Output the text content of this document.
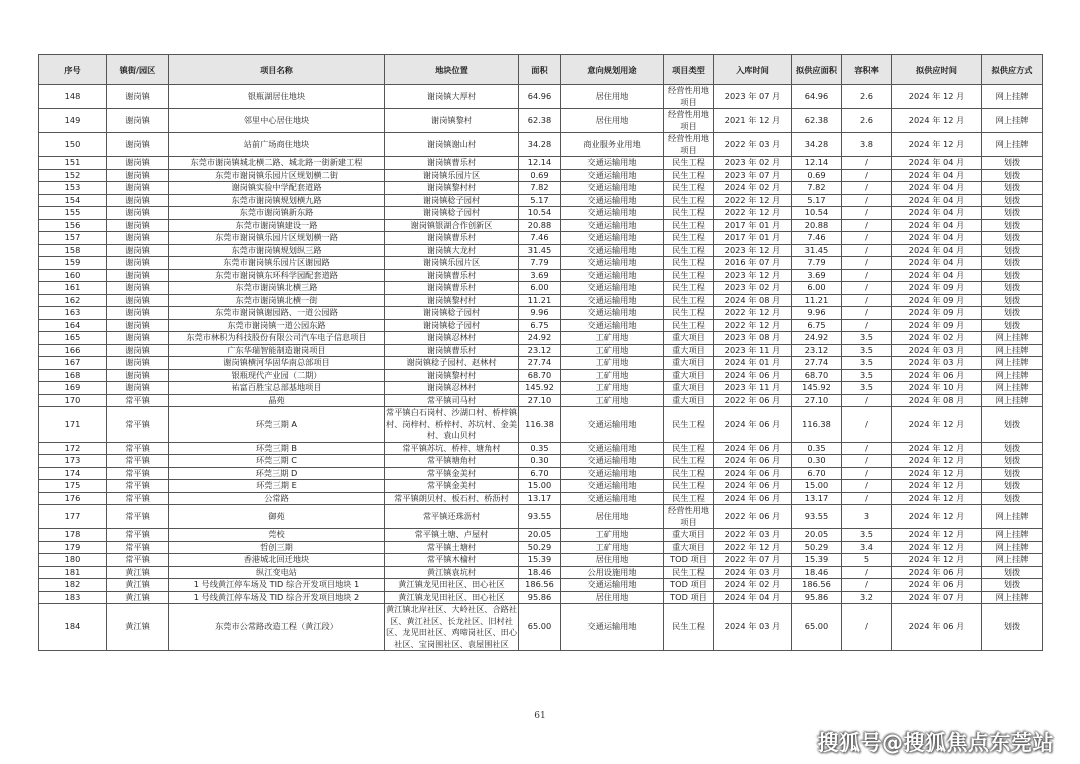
序号	镇街/园区	项目名称	地块位置	面积	意向规划用途	项目类型	入库时间	拟供应面积	容积率	拟供应时间	拟供应方式
148	谢岗镇	银瓶湖居住地块	谢岗镇大厚村	64.96	居住用地	经营性用地项目	2023 年 07 月	64.96	2.6	2024 年 12 月	网上挂牌
149	谢岗镇	邻里中心居住地块	谢岗镇黎村	62.38	居住用地	经营性用地项目	2021 年 12 月	62.38	2.6	2024 年 12 月	网上挂牌
150	谢岗镇	站前广场商住地块	谢岗镇谢山村	34.28	商业服务业用地	经营性用地项目	2022 年 03 月	34.28	3.8	2024 年 12 月	网上挂牌
151	谢岗镇	东莞市谢岗镇城北横二路、城北路一街新建工程	谢岗镇曹乐村	12.14	交通运输用地	民生工程	2023 年 02 月	12.14	/	2024 年 04 月	划拨
152	谢岗镇	东莞市谢岗镇乐园片区规划横二街	谢岗镇乐园片区	0.69	交通运输用地	民生工程	2023 年 07 月	0.69	/	2024 年 04 月	划拨
153	谢岗镇	谢岗镇实验中学配套道路	谢岗镇黎村村	7.82	交通运输用地	民生工程	2024 年 02 月	7.82	/	2024 年 04 月	划拨
154	谢岗镇	东莞市谢岗镇规划横九路	谢岗镇稔子园村	5.17	交通运输用地	民生工程	2022 年 12 月	5.17	/	2024 年 04 月	划拨
155	谢岗镇	东莞市谢岗镇新东路	谢岗镇稔子园村	10.54	交通运输用地	民生工程	2022 年 12 月	10.54	/	2024 年 04 月	划拨
156	谢岗镇	东莞市谢岗镇建设一路	谢岗镇银湖合作创新区	20.88	交通运输用地	民生工程	2017 年 01 月	20.88	/	2024 年 04 月	划拨
157	谢岗镇	东莞市谢岗镇乐园片区规划横一路	谢岗镇曹乐村	7.46	交通运输用地	民生工程	2017 年 01 月	7.46	/	2024 年 04 月	划拨
158	谢岗镇	东莞市谢岗镇规划纵三路	谢岗镇大龙村	31.45	交通运输用地	民生工程	2023 年 12 月	31.45	/	2024 年 04 月	划拨
159	谢岗镇	东莞市谢岗镇乐园片区谢园路	谢岗镇乐园片区	7.79	交通运输用地	民生工程	2016 年 07 月	7.79	/	2024 年 04 月	划拨
160	谢岗镇	东莞市谢岗镇东环科学园配套道路	谢岗镇曹乐村	3.69	交通运输用地	民生工程	2023 年 12 月	3.69	/	2024 年 04 月	划拨
161	谢岗镇	东莞市谢岗镇北横三路	谢岗镇曹乐村	6.00	交通运输用地	民生工程	2023 年 02 月	6.00	/	2024 年 09 月	划拨
162	谢岗镇	东莞市谢岗镇北横一街	谢岗镇黎村村	11.21	交通运输用地	民生工程	2024 年 08 月	11.21	/	2024 年 09 月	划拨
163	谢岗镇	东莞市谢岗镇谢园路、一道公园路	谢岗镇稔子园村	9.96	交通运输用地	民生工程	2022 年 12 月	9.96	/	2024 年 09 月	划拨
164	谢岗镇	东莞市谢岗镇一道公园东路	谢岗镇稔子园村	6.75	交通运输用地	民生工程	2022 年 12 月	6.75	/	2024 年 09 月	划拨
165	谢岗镇	东莞市林积为科技股份有限公司汽车电子信息项目	谢岗镇忍林村	24.92	工矿用地	重大项目	2023 年 08 月	24.92	3.5	2024 年 02 月	网上挂牌
166	谢岗镇	广东华瑞智能制造谢岗项目	谢岗镇曹乐村	23.12	工矿用地	重大项目	2023 年 11 月	23.12	3.5	2024 年 03 月	网上挂牌
167	谢岗镇	谢岗镇横河华固华南总部项目	谢岗镇稔子园村、赵林村	27.74	工矿用地	重大项目	2024 年 01 月	27.74	3.5	2024 年 03 月	网上挂牌
168	谢岗镇	银瓶现代产业园（二期）	谢岗镇黎村村	68.70	工矿用地	重大项目	2024 年 06 月	68.70	3.5	2024 年 06 月	网上挂牌
169	谢岗镇	祐富百胜宝总部基地项目	谢岗镇忍林村	145.92	工矿用地	重大项目	2023 年 11 月	145.92	3.5	2024 年 10 月	网上挂牌
170	常平镇	晶苑	常平镇司马村	27.10	工矿用地	重大项目	2022 年 06 月	27.10	/	2024 年 08 月	网上挂牌
171	常平镇	环莞三期 A	常平镇白石岗村、沙湖口村、桥梓镇村、岗梓村、桥梓村、苏坑村、金美村、袁山贝村	116.38	交通运输用地	民生工程	2024 年 06 月	116.38	/	2024 年 12 月	划拨
172	常平镇	环莞三期 B	常平镇苏坑、桥梓、塘角村	0.35	交通运输用地	民生工程	2024 年 06 月	0.35	/	2024 年 12 月	划拨
173	常平镇	环莞三期 C	常平镇塘角村	0.30	交通运输用地	民生工程	2024 年 06 月	0.30	/	2024 年 12 月	划拨
174	常平镇	环莞三期 D	常平镇金美村	6.70	交通运输用地	民生工程	2024 年 06 月	6.70	/	2024 年 12 月	划拨
175	常平镇	环莞三期 E	常平镇金美村	15.00	交通运输用地	民生工程	2024 年 06 月	15.00	/	2024 年 12 月	划拨
176	常平镇	公常路	常平镇朗贝村、板石村、桥沥村	13.17	交通运输用地	民生工程	2024 年 06 月	13.17	/	2024 年 12 月	划拨
177	常平镇	御苑	常平镇还珠沥村	93.55	居住用地	经营性用地项目	2022 年 06 月	93.55	3	2024 年 12 月	网上挂牌
178	常平镇	莞校	常平镇土塘、卢屋村	20.05	工矿用地	重大项目	2022 年 03 月	20.05	3.5	2024 年 12 月	网上挂牌
179	常平镇	哲创三期	常平镇土塘村	50.29	工矿用地	重大项目	2022 年 12 月	50.29	3.4	2024 年 12 月	网上挂牌
180	常平镇	香港城北回迁地块	常平镇木棆村	15.39	居住用地	TOD 项目	2022 年 07 月	15.39	5	2024 年 12 月	网上挂牌
181	黄江镇	纵江变电站	黄江镇袁坑村	18.46	公用设施用地	民生工程	2024 年 03 月	18.46	/	2024 年 06 月	划拨
182	黄江镇	1 号线黄江停车场及 TID 综合开发项目地块 1	黄江镇龙见田社区、田心社区	186.56	交通运输用地	TOD 项目	2024 年 02 月	186.56	/	2024 年 06 月	划拨
183	黄江镇	1 号线黄江停车场及 TID 综合开发项目地块 2	黄江镇龙见田社区、田心社区	95.86	居住用地	TOD 项目	2024 年 04 月	95.86	3.2	2024 年 07 月	网上挂牌
184	黄江镇	东莞市公常路改造工程（黄江段）	黄江镇北岸社区、大岭社区、合路社区、黄江社区、长龙社区、旧村社区、龙见田社区、鸡啼岗社区、田心社区、宝岗围社区、袁屋围社区	65.00	交通运输用地	民生工程	2024 年 03 月	65.00	/	2024 年 06 月	划拨
61
搜狐号@搜狐焦点东莞站
